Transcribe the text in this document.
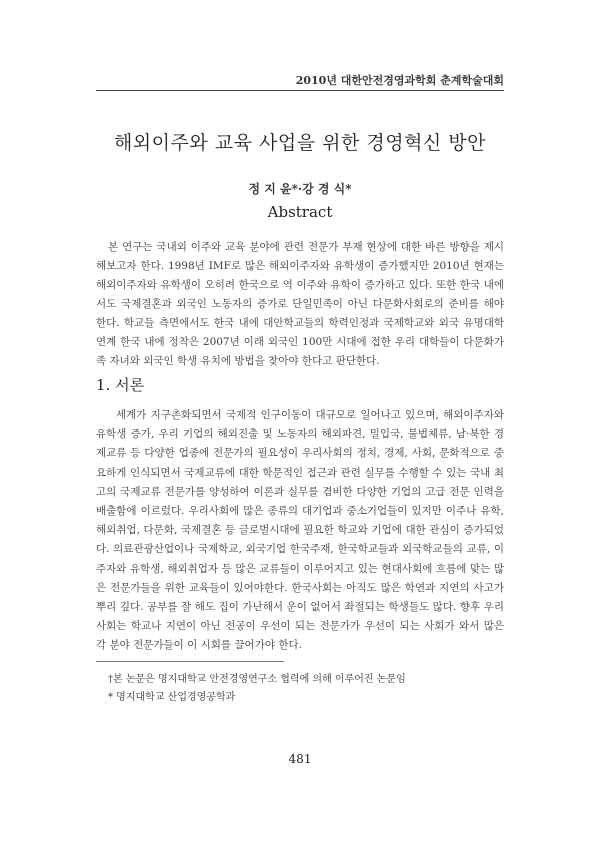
2010년 대한안전경영과학회 춘계학술대회
해외이주와 교육 사업을 위한 경영혁신 방안
정 지 윤*·강 경 식*
Abstract

본 연구는 국내외 이주와 교육 분야에 관련 전문가 부재 현상에 대한 바른 방향을 제시해보고자 한다. 1998년 IMF로 많은 해외이주자와 유학생이 증가했지만 2010년 현재는 해외이주자와 유학생이 오히려 한국으로 역 이주와 유학이 증가하고 있다. 또한 한국 내에서도 국제결혼과 외국인 노동자의 증가로 단일민족이 아닌 다문화사회로의 준비를 해야 한다. 학교들 측면에서도 한국 내에 대안학교들의 학력인정과 국제학교와 외국 유명대학 연계 한국 내에 정착은 2007년 이래 외국인 100만 시대에 접한 우리 대학들이 다문화가족 자녀와 외국인 학생 유치에 방법을 찾아야 한다고 판단한다.

1. 서론

세계가 지구촌화되면서 국제적 인구이동이 대규모로 일어나고 있으며, 해외이주자와 유학생 증가, 우리 기업의 해외진출 및 노동자의 해외파견, 밀입국, 불법체류, 남·북한 경제교류 등 다양한 업종에 전문가의 필요성이 우리사회의 정치, 경제, 사회, 문화적으로 중요하게 인식되면서 국제교류에 대한 학문적인 접근과 관련 실무를 수행할 수 있는 국내 최고의 국제교류 전문가를 양성하여 이론과 실무를 겸비한 다양한 기업의 고급 전문 인력을 배출함에 이르렀다. 우리사회에 많은 종류의 대기업과 중소기업들이 있지만 이주나 유학, 해외취업, 다문화, 국제결혼 등 글로벌시대에 필요한 학교와 기업에 대한 관심이 증가되었다. 의료관광산업이나 국제학교, 외국기업 한국주재, 한국학교들과 외국학교들의 교류, 이주자와 유학생, 해외취업자 등 많은 교류들이 이루어지고 있는 현대사회에 흐름에 맞는 많은 전문가들을 위한 교육들이 있어야한다. 한국사회는 아직도 많은 학연과 지연의 사고가 뿌리 깊다. 공부를 잘 해도 집이 가난해서 운이 없어서 좌절되는 학생들도 많다. 향후 우리사회는 학교나 지연이 아닌 전공이 우선이 되는 전문가가 우선이 되는 사회가 와서 많은 각 분야 전문가들이 이 시회를 끌어가야 한다.

†본 논문은 명지대학교 안전경영연구소 협력에 의해 이루어진 논문임
* 명지대학교 산업경영공학과
481
